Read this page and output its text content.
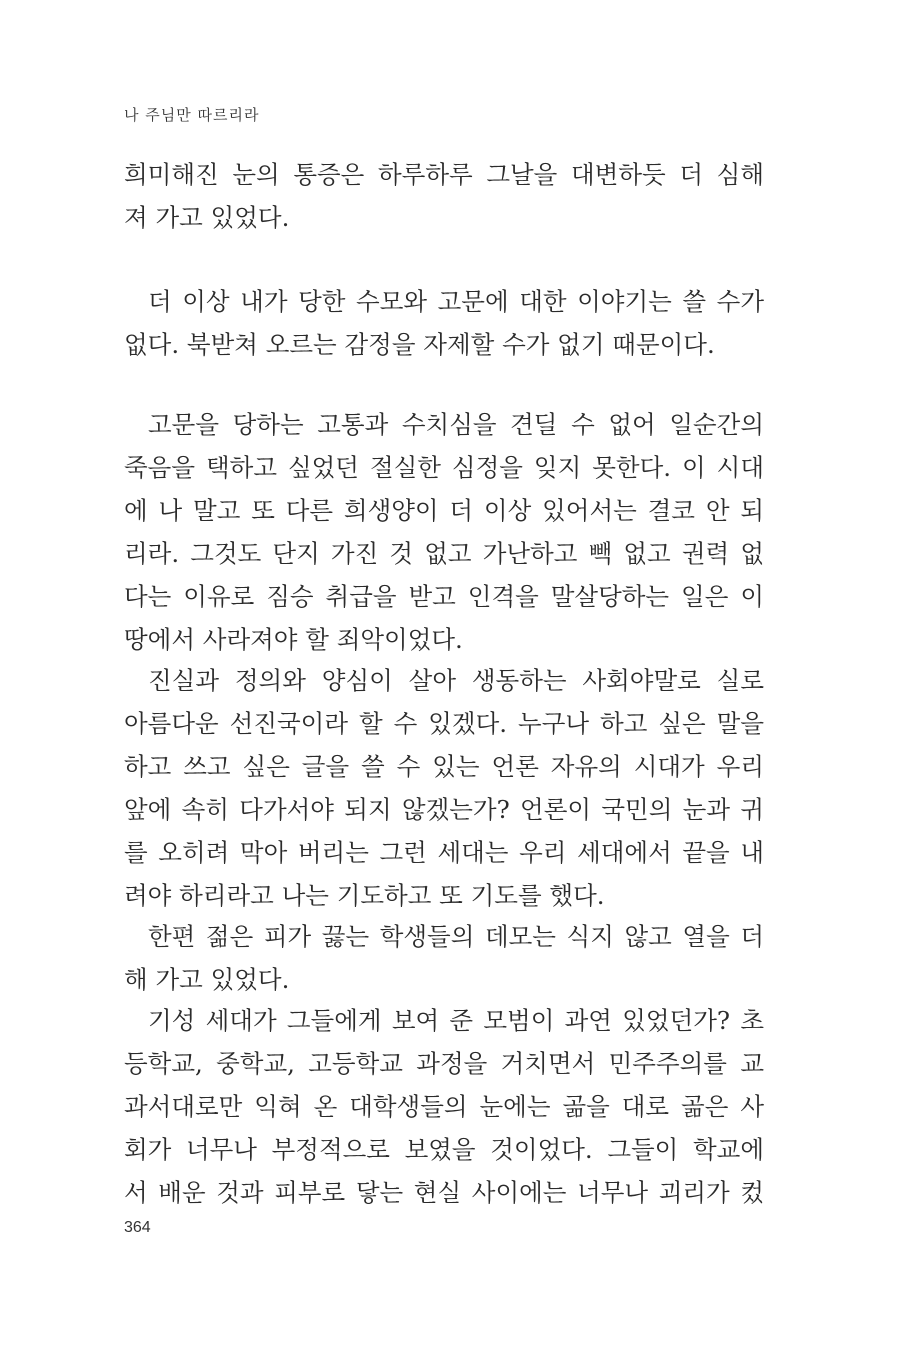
나 주님만 따르리라
희미해진 눈의 통증은 하루하루 그날을 대변하듯 더 심해
져 가고 있었다.
더 이상 내가 당한 수모와 고문에 대한 이야기는 쓸 수가
없다. 북받쳐 오르는 감정을 자제할 수가 없기 때문이다.
고문을 당하는 고통과 수치심을 견딜 수 없어 일순간의
죽음을 택하고 싶었던 절실한 심정을 잊지 못한다. 이 시대
에 나 말고 또 다른 희생양이 더 이상 있어서는 결코 안 되
리라. 그것도 단지 가진 것 없고 가난하고 빽 없고 권력 없
다는 이유로 짐승 취급을 받고 인격을 말살당하는 일은 이
땅에서 사라져야 할 죄악이었다.
진실과 정의와 양심이 살아 생동하는 사회야말로 실로
아름다운 선진국이라 할 수 있겠다. 누구나 하고 싶은 말을
하고 쓰고 싶은 글을 쓸 수 있는 언론 자유의 시대가 우리
앞에 속히 다가서야 되지 않겠는가? 언론이 국민의 눈과 귀
를 오히려 막아 버리는 그런 세대는 우리 세대에서 끝을 내
려야 하리라고 나는 기도하고 또 기도를 했다.
한편 젊은 피가 끓는 학생들의 데모는 식지 않고 열을 더
해 가고 있었다.
기성 세대가 그들에게 보여 준 모범이 과연 있었던가? 초
등학교, 중학교, 고등학교 과정을 거치면서 민주주의를 교
과서대로만 익혀 온 대학생들의 눈에는 곪을 대로 곪은 사
회가 너무나 부정적으로 보였을 것이었다. 그들이 학교에
서 배운 것과 피부로 닿는 현실 사이에는 너무나 괴리가 컸
364
